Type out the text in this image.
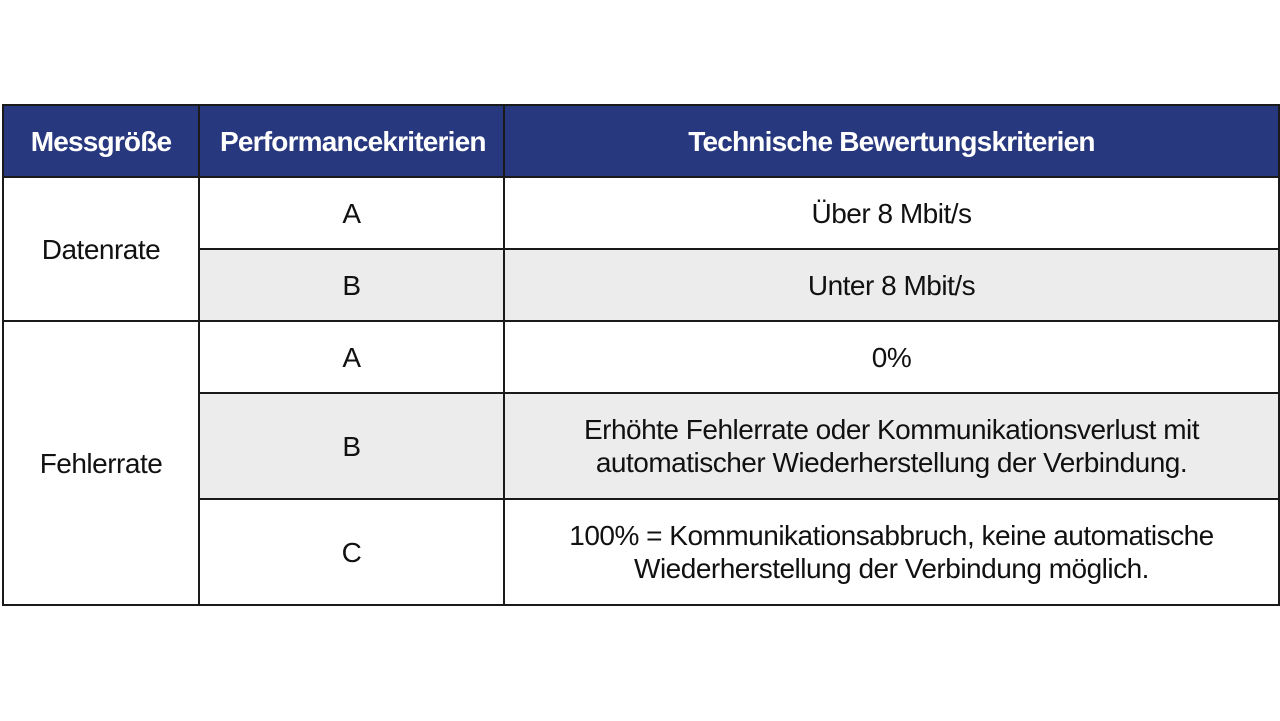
Messgröße	Performancekriterien	Technische Bewertungskriterien
Datenrate	A	Über 8 Mbit/s

	B	Unter 8 Mbit/s

Fehlerrate	A	0%

	B	Erhöhte Fehlerrate oder Kommunikationsverlust mit
automatischer Wiederherstellung der Verbindung.

	C	100% = Kommunikationsabbruch, keine automatische
Wiederherstellung der Verbindung möglich.
